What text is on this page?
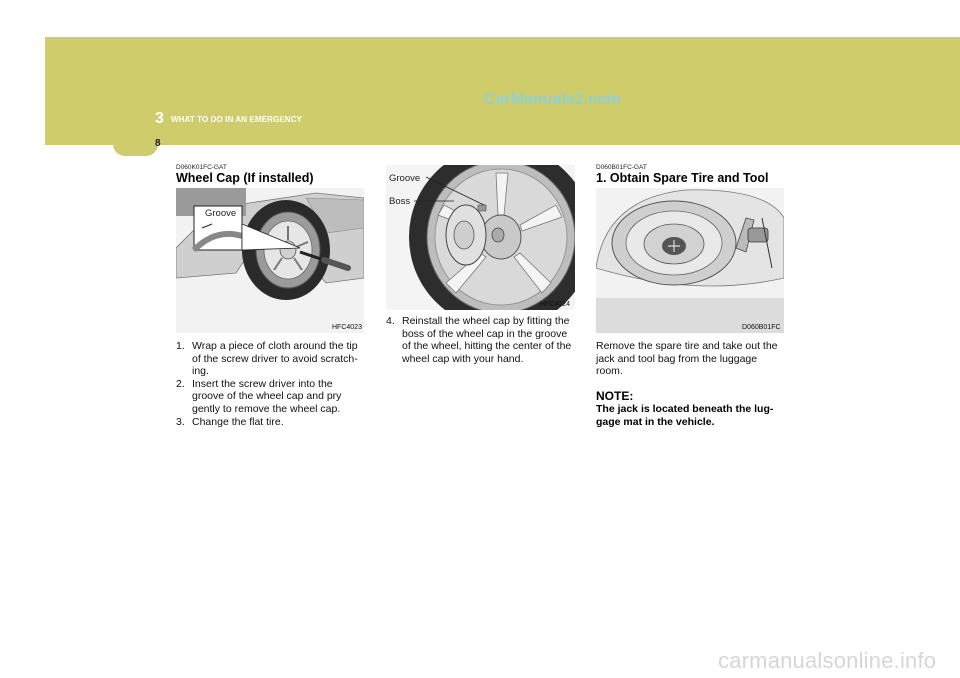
3 WHAT TO DO IN AN EMERGENCY
8
CarManuals2.com
D060K01FC-GAT
Wheel Cap (If installed)
Groove
HFC4023
1. Wrap a piece of cloth around the tip of the screw driver to avoid scratch-ing.
2. Insert the screw driver into the groove of the wheel cap and pry gently to remove the wheel cap.
3. Change the flat tire.
Groove
Boss
HFC4024
4. Reinstall the wheel cap by fitting the boss of the wheel cap in the groove of the wheel, hitting the center of the wheel cap with your hand.
D060B01FC-GAT
1. Obtain Spare Tire and Tool
D060B01FC

Remove the spare tire and take out the jack and tool bag from the luggage room.

NOTE:

The jack is located beneath the lug-gage mat in the vehicle.

carmanualsonline.info
